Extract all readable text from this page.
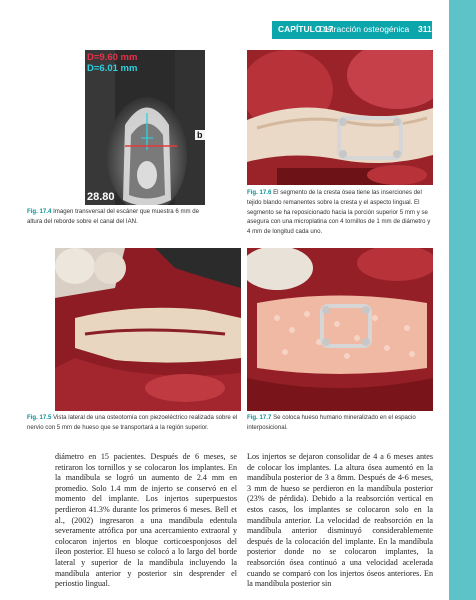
CAPÍTULO 17
Distracción osteogénica 311
D=9.60 mm
D=6.01 mm
b
28.80

Fig. 17.4 Imagen transversal del escáner que muestra 6 mm de altura del reborde sobre el canal del IAN.

Fig. 17.6 El segmento de la cresta ósea tiene las inserciones del tejido blando remanentes sobre la cresta y el aspecto lingual. El segmento se ha reposicionado hacia la porción superior 5 mm y se asegura con una microplatina con 4 tornillos de 1 mm de diámetro y 4 mm de longitud cada uno.

Fig. 17.5 Vista lateral de una osteotomía con piezoeléctrico realizada sobre el nervio con 5 mm de hueso que se transportará a la región superior.

Fig. 17.7 Se coloca hueso humano mineralizado en el espacio interposicional.

diámetro en 15 pacientes. Después de 6 meses, se retiraron los tornillos y se colocaron los implantes. En la mandíbula se logró un aumento de 2.4 mm en promedio. Solo 1.4 mm de injerto se conservó en el momento del implante. Los injertos superpuestos perdieron 41.3% durante los primeros 6 meses. Bell et al., (2002) ingresaron a una mandíbula edentula severamente atrófica por una acercamiento extraoral y colocaron injertos en bloque corticoesponjosos del íleon posterior. El hueso se colocó a lo largo del borde lateral y superior de la mandíbula incluyendo la mandíbula anterior y posterior sin desprender el periostio lingual.

Los injertos se dejaron consolidar de 4 a 6 meses antes de colocar los implantes. La altura ósea aumentó en la mandíbula posterior de 3 a 8mm. Después de 4-6 meses, 3 mm de hueso se perdieron en la mandíbula posterior (23% de pérdida). Debido a la reabsorción vertical en estos casos, los implantes se colocaron solo en la mandíbula anterior. La velocidad de reabsorción en la mandíbula anterior disminuyó considerablemente después de la colocación del implante. En la mandíbula posterior donde no se colocaron implantes, la reabsorción ósea continuó a una velocidad acelerada cuando se comparó con los injertos óseos anteriores. En la mandíbula posterior sin
